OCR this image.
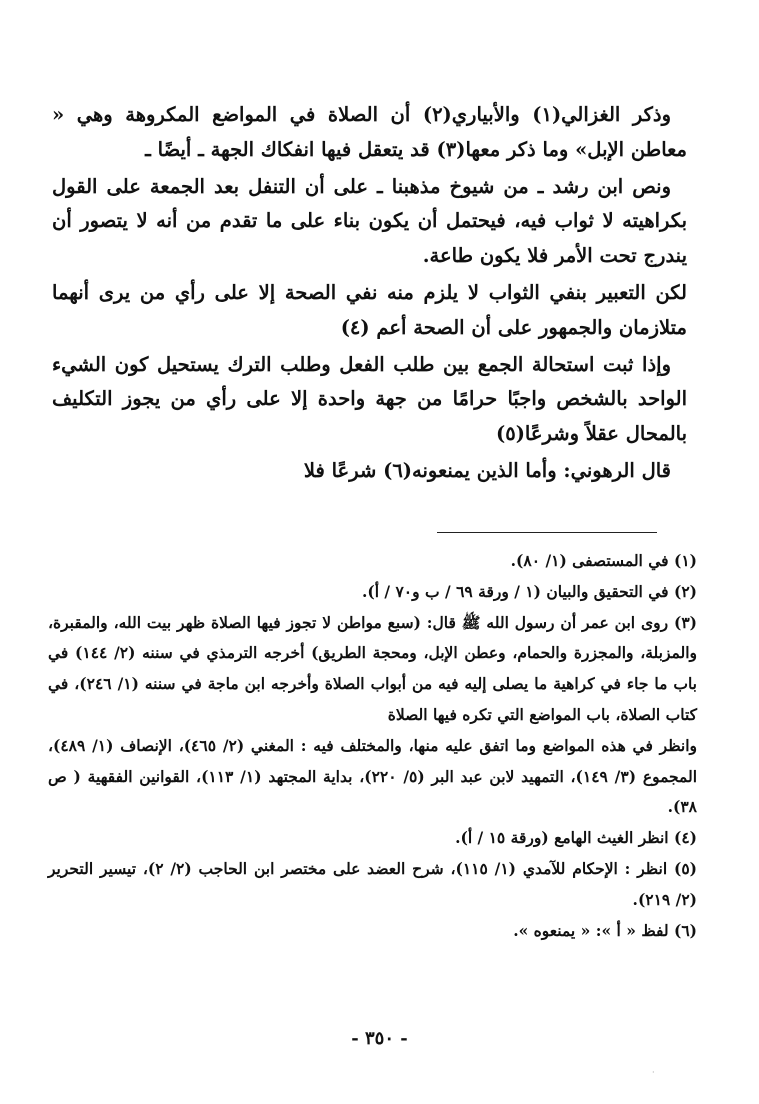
وذكر الغزالي(١) والأبياري(٢) أن الصلاة في المواضع المكروهة وهي « معاطن الإبل» وما ذكر معها(٣) قد يتعقل فيها انفكاك الجهة ـ أيضًا ـ

ونص ابن رشد ـ من شيوخ مذهبنا ـ على أن التنفل بعد الجمعة على القول بكراهيته لا ثواب فيه، فيحتمل أن يكون بناء على ما تقدم من أنه لا يتصور أن يندرج تحت الأمر فلا يكون طاعة.

لكن التعبير بنفي الثواب لا يلزم منه نفي الصحة إلا على رأي من يرى أنهما متلازمان والجمهور على أن الصحة أعم (٤)

وإذا ثبت استحالة الجمع بين طلب الفعل وطلب الترك يستحيل كون الشيء الواحد بالشخص واجبًا حرامًا من جهة واحدة إلا على رأي من يجوز التكليف بالمحال عقلاً وشرعًا(٥)

قال الرهوني: وأما الذين يمنعونه(٦) شرعًا فلا

(١) في المستصفى (١/ ٨٠).

(٢) في التحقيق والبيان (١ / ورقة ٦٩ / ب و٧٠ / أ).

(٣) روى ابن عمر أن رسول الله ﷺ قال: (سبع مواطن لا تجوز فيها الصلاة ظهر بيت الله، والمقبرة، والمزبلة، والمجزرة والحمام، وعطن الإبل، ومحجة الطريق) أخرجه الترمذي في سننه (٢/ ١٤٤) في باب ما جاء في كراهية ما يصلى إليه فيه من أبواب الصلاة وأخرجه ابن ماجة في سننه (١/ ٢٤٦)، في كتاب الصلاة، باب المواضع التي تكره فيها الصلاة

وانظر في هذه المواضع وما اتفق عليه منها، والمختلف فيه : المغني (٢/ ٤٦٥)، الإنصاف (١/ ٤٨٩)، المجموع (٣/ ١٤٩)، التمهيد لابن عبد البر (٥/ ٢٢٠)، بداية المجتهد (١/ ١١٣)، القوانين الفقهية ( ص ٣٨).

(٤) انظر الغيث الهامع (ورقة ١٥ / أ).

(٥) انظر : الإحكام للآمدي (١/ ١١٥)، شرح العضد على مختصر ابن الحاجب (٢/ ٢)، تيسير التحرير (٢/ ٢١٩).

(٦) لفظ « أ »: « يمنعوه ».

- ٣٥٠ -
·
